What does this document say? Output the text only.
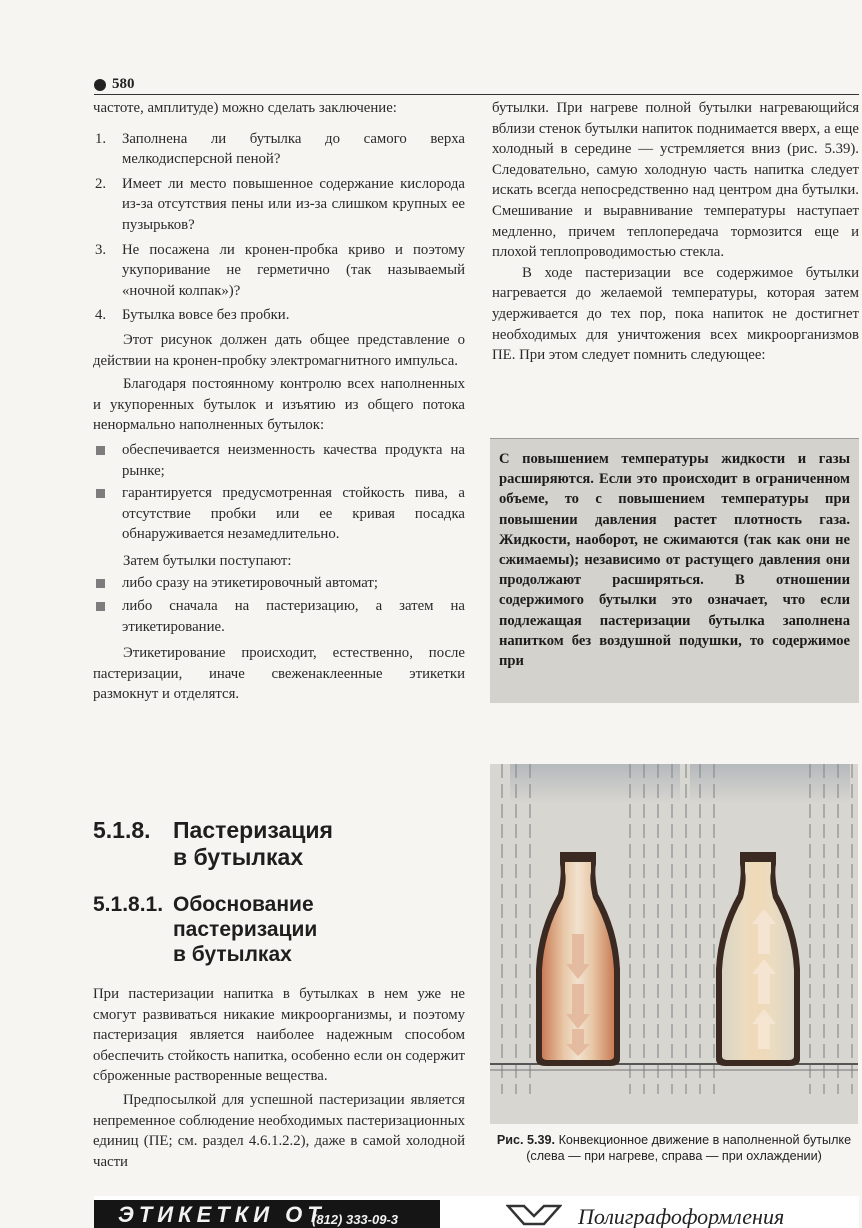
580

частоте, амплитуде) можно сделать заключение:

1. Заполнена ли бутылка до самого верха мелкодисперсной пеной?
2. Имеет ли место повышенное содержание кислорода из-за отсутствия пены или из-за слишком крупных ее пузырьков?
3. Не посажена ли кронен-пробка криво и поэтому укупоривание не герметично (так называемый «ночной колпак»)?
4. Бутылка вовсе без пробки.

Этот рисунок должен дать общее представление о действии на кронен-пробку электромагнитного импульса.

Благодаря постоянному контролю всех наполненных и укупоренных бутылок и изъятию из общего потока ненормально наполненных бутылок:

обеспечивается неизменность качества продукта на рынке;
гарантируется предусмотренная стойкость пива, а отсутствие пробки или ее кривая посадка обнаруживается незамедлительно.

Затем бутылки поступают:

либо сразу на этикетировочный автомат;
либо сначала на пастеризацию, а затем на этикетирование.

Этикетирование происходит, естественно, после пастеризации, иначе свеженаклеенные этикетки размокнут и отделятся.

5.1.8. Пастеризация
в бутылках
5.1.8.1. Обоснование
пастеризации
в бутылках

При пастеризации напитка в бутылках в нем уже не смогут развиваться никакие микроорганизмы, и поэтому пастеризация является наиболее надежным способом обеспечить стойкость напитка, особенно если он содержит сброженные растворенные вещества.

Предпосылкой для успешной пастеризации является непременное соблюдение необходимых пастеризационных единиц (ПЕ; см. раздел 4.6.1.2.2), даже в самой холодной части

бутылки. При нагреве полной бутылки нагревающийся вблизи стенок бутылки напиток поднимается вверх, а еще холодный в середине — устремляется вниз (рис. 5.39). Следовательно, самую холодную часть напитка следует искать всегда непосредственно над центром дна бутылки. Смешивание и выравнивание температуры наступает медленно, причем теплопередача тормозится еще и плохой теплопроводимостью стекла.

В ходе пастеризации все содержимое бутылки нагревается до желаемой температуры, которая затем удерживается до тех пор, пока напиток не достигнет необходимых для уничтожения всех микроорганизмов ПЕ. При этом следует помнить следующее:

С повышением температуры жидкости и газы расширяются. Если это происходит в ограниченном объеме, то с повышением температуры при повышении давления растет плотность газа. Жидкости, наоборот, не сжимаются (так как они не сжимаемы); независимо от растущего давления они продолжают расширяться. В отношении содержимого бутылки это означает, что если подлежащая пастеризации бутылка заполнена напитком без воздушной подушки, то содержимое при
Рис. 5.39. Конвекционное движение в наполненной бутылке (слева — при нагреве, справа — при охлаждении)
ЭТИКЕТКИ ОТ
(812) 333-09-3	Полиграфоформления
